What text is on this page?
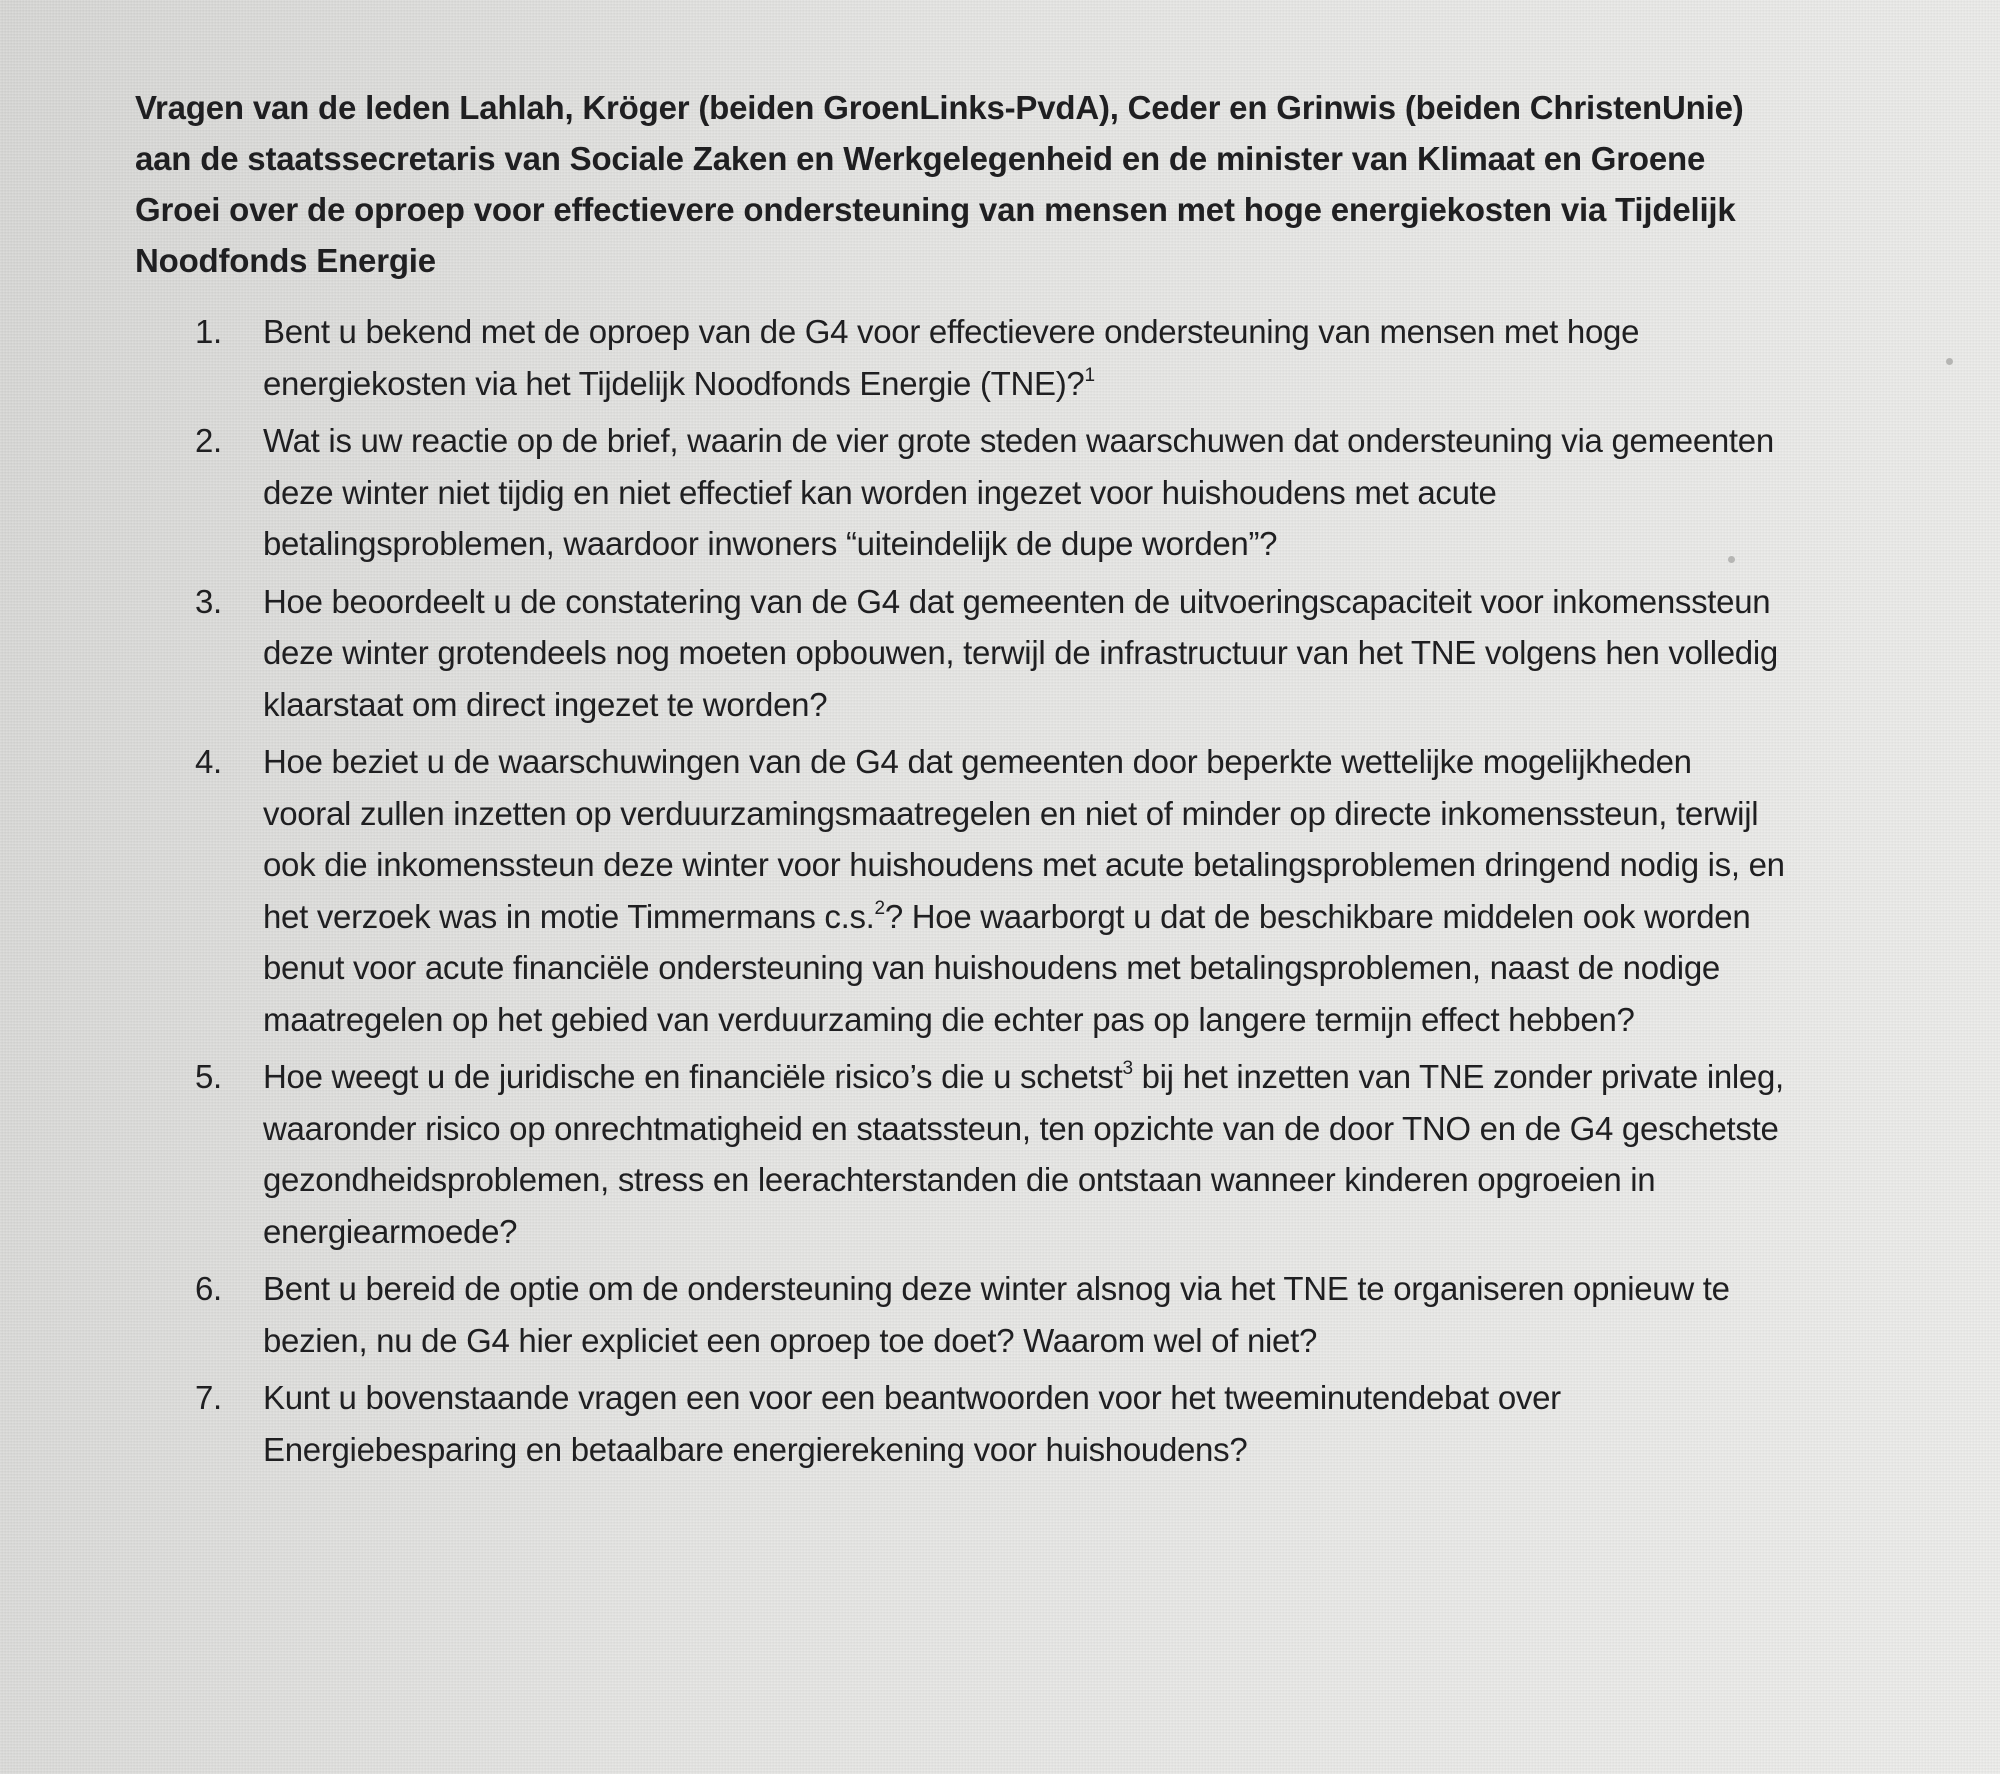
Vragen van de leden Lahlah, Kröger (beiden GroenLinks-PvdA), Ceder en Grinwis (beiden ChristenUnie) aan de staatssecretaris van Sociale Zaken en Werkgelegenheid en de minister van Klimaat en Groene Groei over de oproep voor effectievere ondersteuning van mensen met hoge energiekosten via Tijdelijk Noodfonds Energie
1. Bent u bekend met de oproep van de G4 voor effectievere ondersteuning van mensen met hoge energiekosten via het Tijdelijk Noodfonds Energie (TNE)?$^1$
2. Wat is uw reactie op de brief, waarin de vier grote steden waarschuwen dat ondersteuning via gemeenten deze winter niet tijdig en niet effectief kan worden ingezet voor huishoudens met acute betalingsproblemen, waardoor inwoners “uiteindelijk de dupe worden”?
3. Hoe beoordeelt u de constatering van de G4 dat gemeenten de uitvoeringscapaciteit voor inkomenssteun deze winter grotendeels nog moeten opbouwen, terwijl de infrastructuur van het TNE volgens hen volledig klaarstaat om direct ingezet te worden?
4. Hoe beziet u de waarschuwingen van de G4 dat gemeenten door beperkte wettelijke mogelijkheden vooral zullen inzetten op verduurzamingsmaatregelen en niet of minder op directe inkomenssteun, terwijl ook die inkomenssteun deze winter voor huishoudens met acute betalingsproblemen dringend nodig is, en het verzoek was in motie Timmermans c.s.$^2$? Hoe waarborgt u dat de beschikbare middelen ook worden benut voor acute financiële ondersteuning van huishoudens met betalingsproblemen, naast de nodige maatregelen op het gebied van verduurzaming die echter pas op langere termijn effect hebben?
5. Hoe weegt u de juridische en financiële risico’s die u schetst$^3$ bij het inzetten van TNE zonder private inleg, waaronder risico op onrechtmatigheid en staatssteun, ten opzichte van de door TNO en de G4 geschetste gezondheidsproblemen, stress en leerachterstanden die ontstaan wanneer kinderen opgroeien in energiearmoede?
6. Bent u bereid de optie om de ondersteuning deze winter alsnog via het TNE te organiseren opnieuw te bezien, nu de G4 hier expliciet een oproep toe doet? Waarom wel of niet?
7. Kunt u bovenstaande vragen een voor een beantwoorden voor het tweeminutendebat over Energiebesparing en betaalbare energierekening voor huishoudens?
